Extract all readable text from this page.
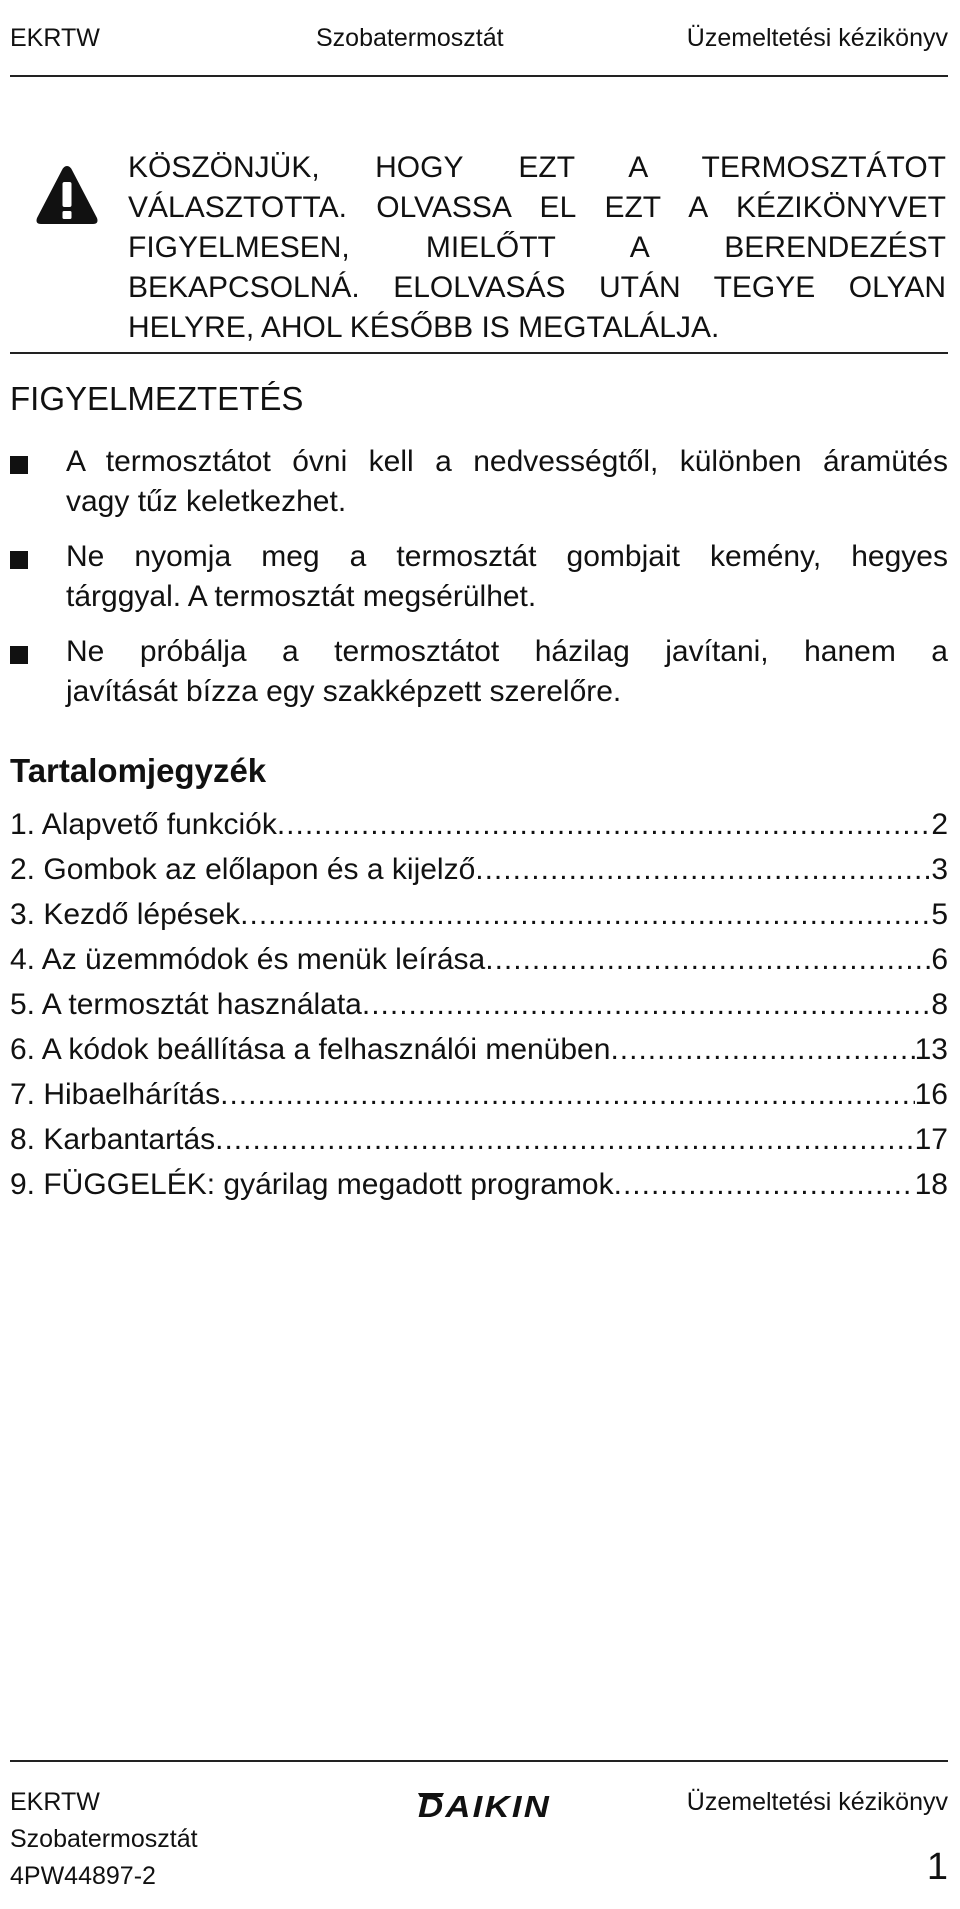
EKRTW	Szobatermosztát	Üzemeltetési kézikönyv
KÖSZÖNJÜK, HOGY EZT A TERMOSZTÁTOT
VÁLASZTOTTA. OLVASSA EL EZT A KÉZIKÖNYVET
FIGYELMESEN, MIELŐTT A BERENDEZÉST
BEKAPCSOLNÁ. ELOLVASÁS UTÁN TEGYE OLYAN
HELYRE, AHOL KÉSŐBB IS MEGTALÁLJA.
FIGYELMEZTETÉS
A termosztátot óvni kell a nedvességtől, különben áramütés
vagy tűz keletkezhet.
Ne nyomja meg a termosztát gombjait kemény, hegyes
tárggyal. A termosztát megsérülhet.
Ne próbálja a termosztátot házilag javítani, hanem a
javítását bízza egy szakképzett szerelőre.
Tartalomjegyzék
1. Alapvető funkciók .....	2
2. Gombok az előlapon és a kijelző .....	3
3. Kezdő lépések .....	5
4. Az üzemmódok és menük leírása .....	6
5. A termosztát használata .....	8
6. A kódok beállítása a felhasználói menüben .....	13
7. Hibaelhárítás .....	16
8. Karbantartás .....	17
9. FÜGGELÉK: gyárilag megadott programok .....	18
EKRTW
Szobatermosztát
4PW44897-2
DAIKIN	Üzemeltetési kézikönyv
1
